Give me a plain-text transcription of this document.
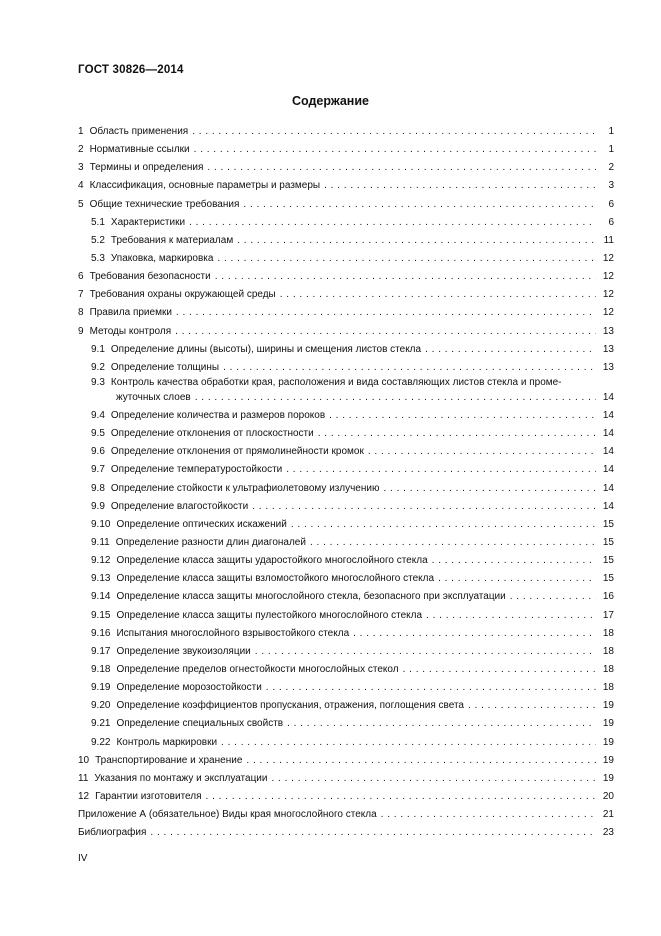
ГОСТ 30826—2014
Содержание
1 Область применения . . .	1
2 Нормативные ссылки . . .	1
3 Термины и определения . . .	2
4 Классификация, основные параметры и размеры . . .	3
5 Общие технические требования . . .	6
5.1 Характеристики . . .	6
5.2 Требования к материалам . . .	11
5.3 Упаковка, маркировка . . .	12
6 Требования безопасности . . .	12
7 Требования охраны окружающей среды . . .	12
8 Правила приемки . . .	12
9 Методы контроля . . .	13
9.1 Определение длины (высоты), ширины и смещения листов стекла . . .	13
9.2 Определение толщины . . .	13
9.3 Контроль качества обработки края, расположения и вида составляющих листов стекла и проме-
жуточных слоев . . .	14
9.4 Определение количества и размеров пороков . . .	14
9.5 Определение отклонения от плоскостности . . .	14
9.6 Определение отклонения от прямолинейности кромок . . .	14
9.7 Определение температуростойкости . . .	14
9.8 Определение стойкости к ультрафиолетовому излучению . . .	14
9.9 Определение влагостойкости . . .	14
9.10 Определение оптических искажений . . .	15
9.11 Определение разности длин диагоналей . . .	15
9.12 Определение класса защиты ударостойкого многослойного стекла . . .	15
9.13 Определение класса защиты взломостойкого многослойного стекла . . .	15
9.14 Определение класса защиты многослойного стекла, безопасного при эксплуатации . . .	16
9.15 Определение класса защиты пулестойкого многослойного стекла . . .	17
9.16 Испытания многослойного взрывостойкого стекла . . .	18
9.17 Определение звукоизоляции . . .	18
9.18 Определение пределов огнестойкости многослойных стекол . . .	18
9.19 Определение морозостойкости . . .	18
9.20 Определение коэффициентов пропускания, отражения, поглощения света . . .	19
9.21 Определение специальных свойств . . .	19
9.22 Контроль маркировки . . .	19
10 Транспортирование и хранение . . .	19
11 Указания по монтажу и эксплуатации . . .	19
12 Гарантии изготовителя . . .	20
Приложение А (обязательное) Виды края многослойного стекла . . .	21
Библиография . . .	23
IV
